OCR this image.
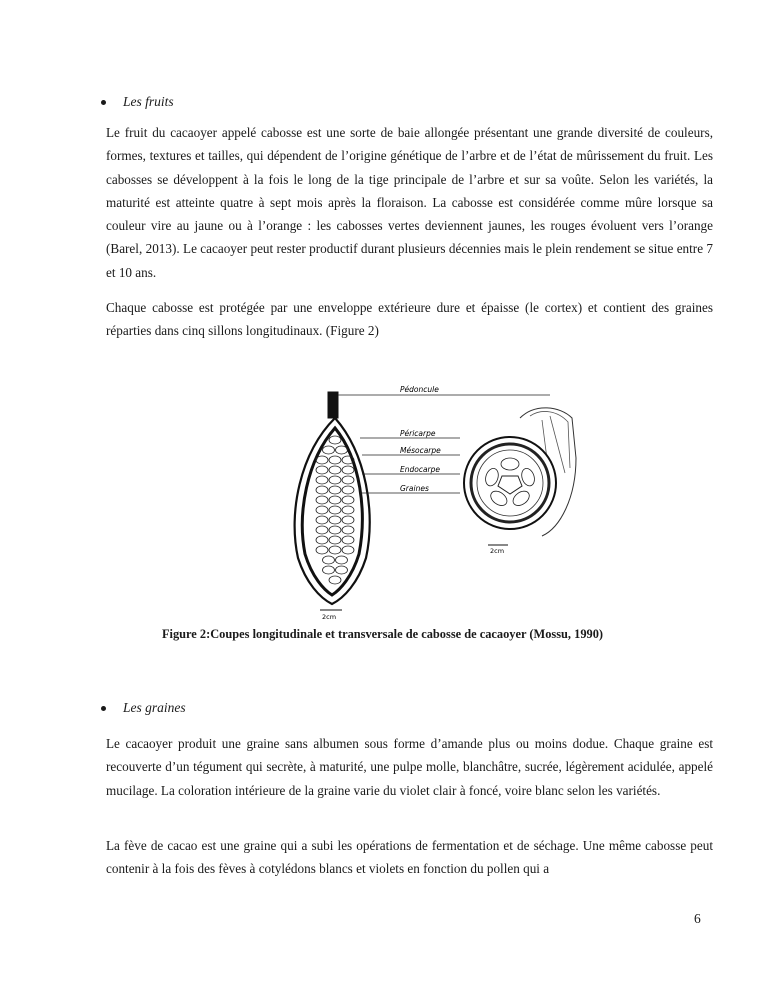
Les fruits

Le fruit du cacaoyer appelé cabosse est une sorte de baie allongée présentant une grande diversité de couleurs, formes, textures et tailles, qui dépendent de l’origine génétique de l’arbre et de l’état de mûrissement du fruit. Les cabosses se développent à la fois le long de la tige principale de l’arbre et sur sa voûte. Selon les variétés, la maturité est atteinte quatre à sept mois après la floraison. La cabosse est considérée comme mûre lorsque sa couleur vire au jaune ou à l’orange : les cabosses vertes deviennent jaunes, les rouges évoluent vers l’orange (Barel, 2013). Le cacaoyer peut rester productif durant plusieurs décennies mais le plein rendement se situe entre 7 et 10 ans.

Chaque cabosse est protégée par une enveloppe extérieure dure et épaisse (le cortex) et contient des graines réparties dans cinq sillons longitudinaux. (Figure 2)

Pédoncule
Péricarpe
Mésocarpe
Endocarpe
Graines
2cm
2cm
Figure 2:Coupes longitudinale et transversale de cabosse de cacaoyer (Mossu, 1990)
Les graines

Le cacaoyer produit une graine sans albumen sous forme d’amande plus ou moins dodue. Chaque graine est recouverte d’un tégument qui secrète, à maturité, une pulpe molle, blanchâtre, sucrée, légèrement acidulée, appelé mucilage. La coloration intérieure de la graine varie du violet clair à foncé, voire blanc selon les variétés.

La fève de cacao est une graine qui a subi les opérations de fermentation et de séchage. Une même cabosse peut contenir à la fois des fèves à cotylédons blancs et violets en fonction du pollen qui a

6
